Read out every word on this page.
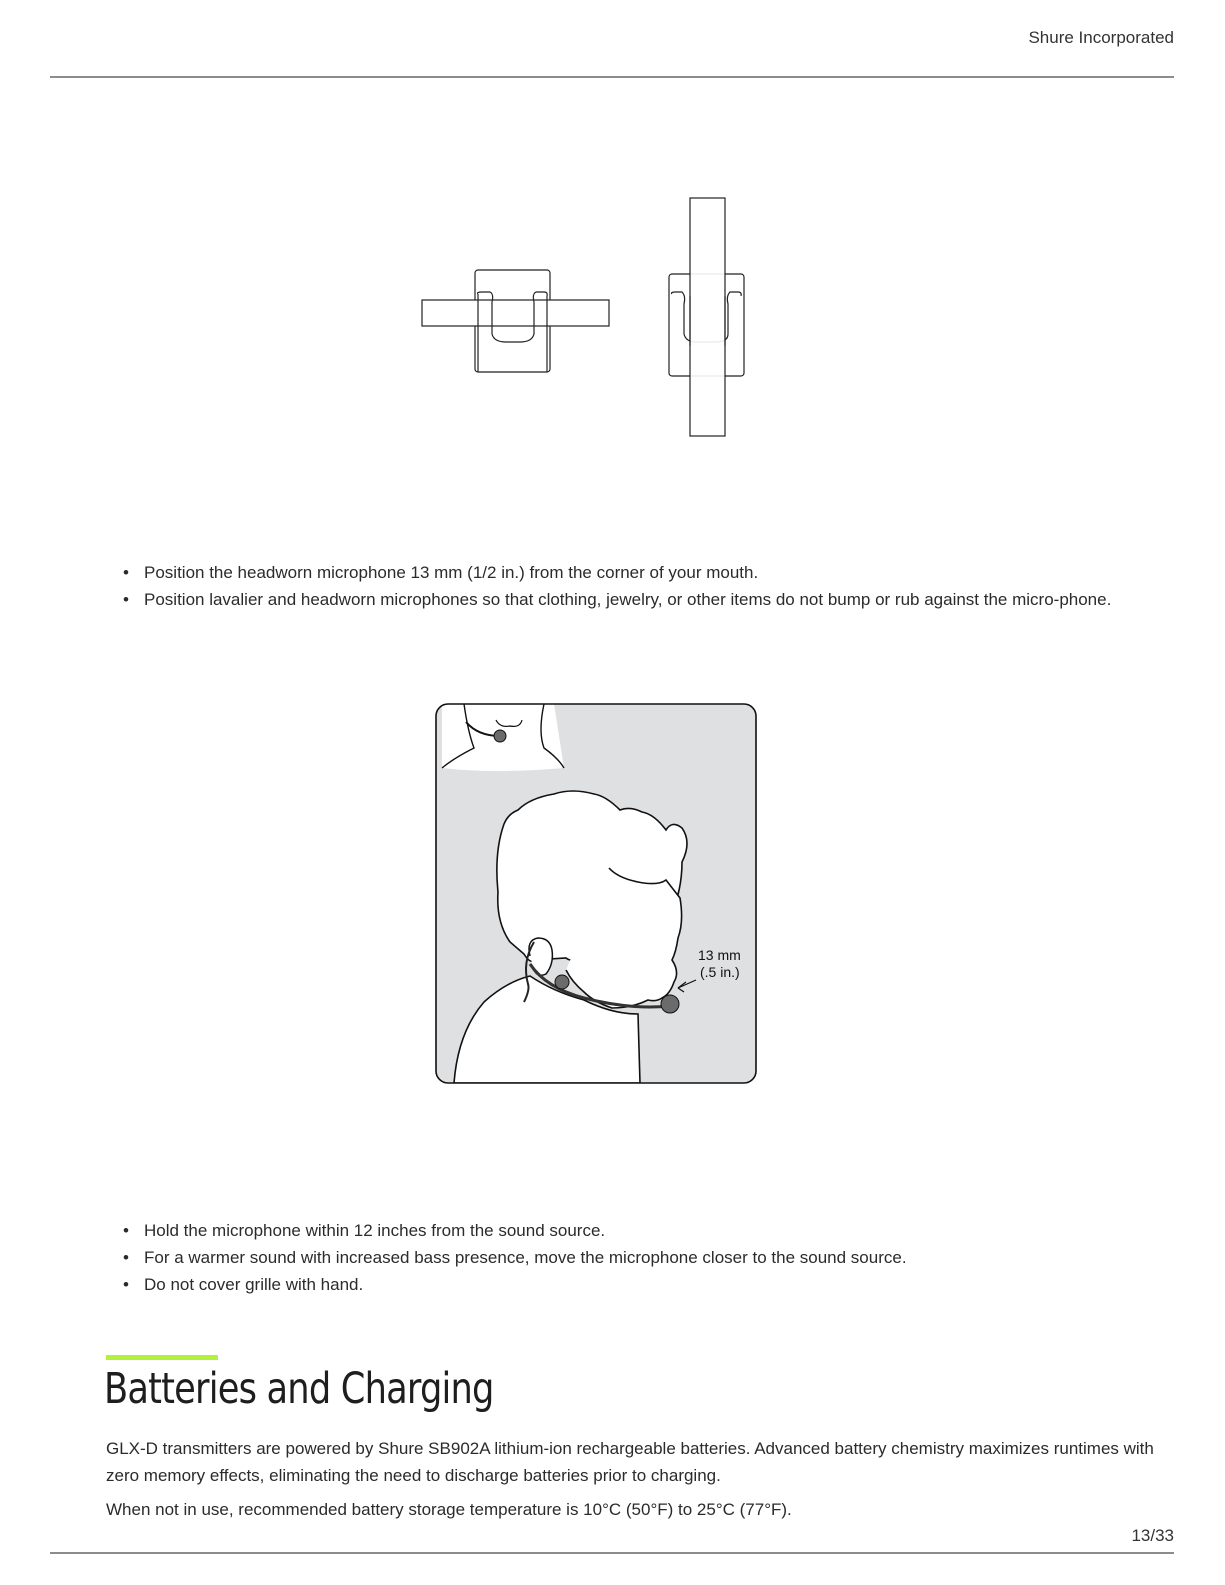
Shure Incorporated
• Position the headworn microphone 13 mm (1/2 in.) from the corner of your mouth.
• Position lavalier and headworn microphones so that clothing, jewelry, or other items do not bump or rub against the micro-phone.
13 mm
(.5 in.)
• Hold the microphone within 12 inches from the sound source.
• For a warmer sound with increased bass presence, move the microphone closer to the sound source.
• Do not cover grille with hand.
Batteries and Charging

GLX-D transmitters are powered by Shure SB902A lithium-ion rechargeable batteries. Advanced battery chemistry maximizes runtimes with zero memory effects, eliminating the need to discharge batteries prior to charging.

When not in use, recommended battery storage temperature is 10°C (50°F) to 25°C (77°F).

13/33
